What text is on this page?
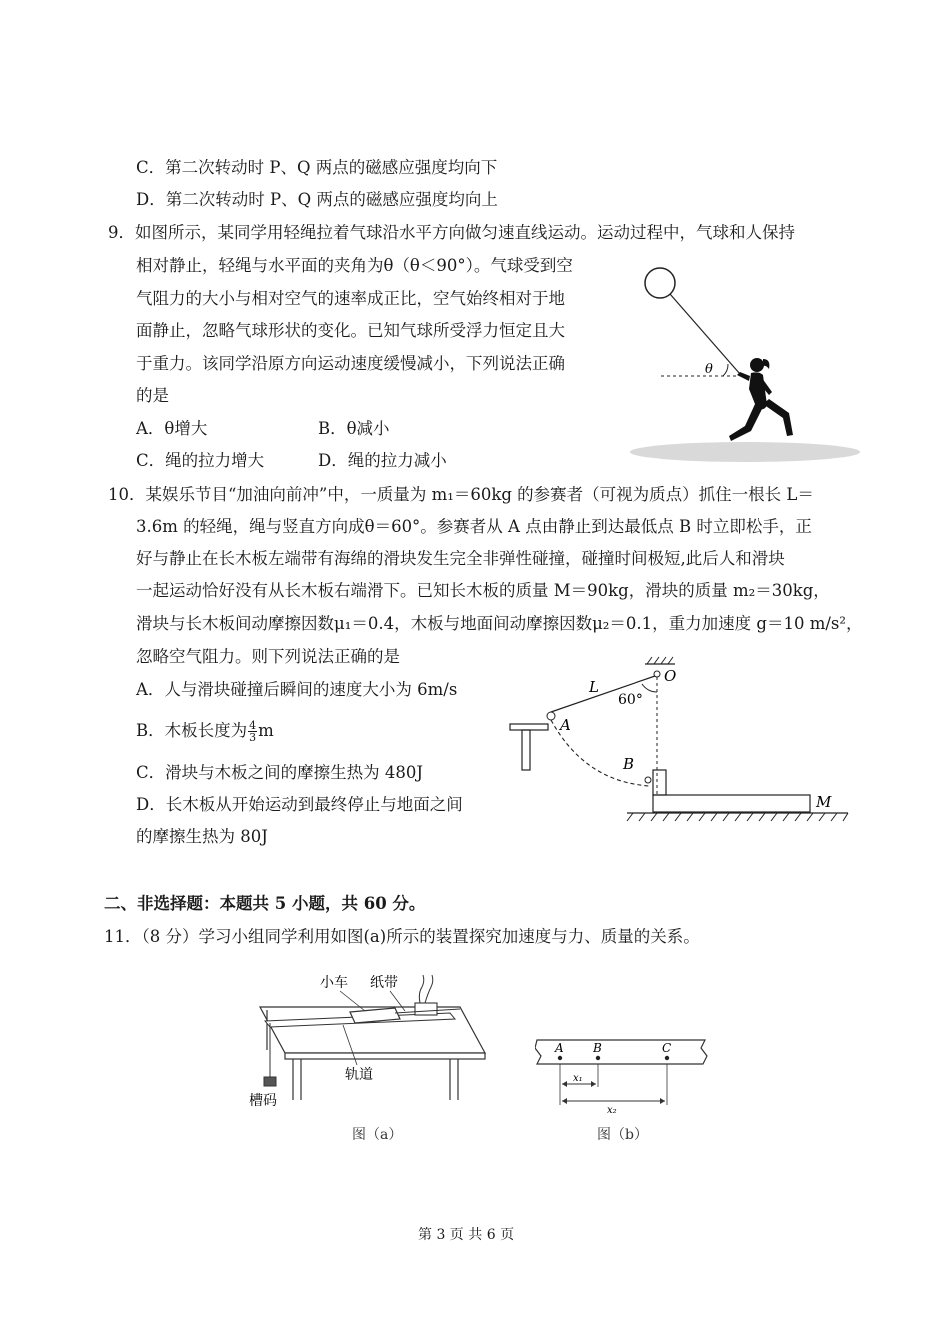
C．第二次转动时 P、Q 两点的磁感应强度均向下
D．第二次转动时 P、Q 两点的磁感应强度均向上
9．如图所示，某同学用轻绳拉着气球沿水平方向做匀速直线运动。运动过程中，气球和人保持
相对静止，轻绳与水平面的夹角为θ（θ＜90°）。气球受到空
气阻力的大小与相对空气的速率成正比，空气始终相对于地
面静止，忽略气球形状的变化。已知气球所受浮力恒定且大
于重力。该同学沿原方向运动速度缓慢减小，下列说法正确
的是
A．θ增大	B．θ减小
C．绳的拉力增大	D．绳的拉力减小
θ
10．某娱乐节目“加油向前冲”中，一质量为 m₁＝60kg 的参赛者（可视为质点）抓住一根长 L＝
3.6m 的轻绳，绳与竖直方向成θ＝60°。参赛者从 A 点由静止到达最低点 B 时立即松手，正
好与静止在长木板左端带有海绵的滑块发生完全非弹性碰撞，碰撞时间极短,此后人和滑块
一起运动恰好没有从长木板右端滑下。已知长木板的质量 M＝90kg，滑块的质量 m₂＝30kg，
滑块与长木板间动摩擦因数μ₁＝0.4，木板与地面间动摩擦因数μ₂＝0.1，重力加速度 g＝10 m/s²，
忽略空气阻力。则下列说法正确的是
A．人与滑块碰撞后瞬间的速度大小为 6m/s
B．木板长度为 $\frac{4}{3}$ m
C．滑块与木板之间的摩擦生热为 480J
D．长木板从开始运动到最终停止与地面之间
的摩擦生热为 80J
O
L
60°
A
B
M
二、非选择题：本题共 5 小题，共 60 分。
11．（8 分）学习小组同学利用如图(a)所示的装置探究加速度与力、质量的关系。
小车 纸带
轨道
槽码
图（a）
A B	C
x₁
x₂
图（b）
第 3 页 共 6 页
